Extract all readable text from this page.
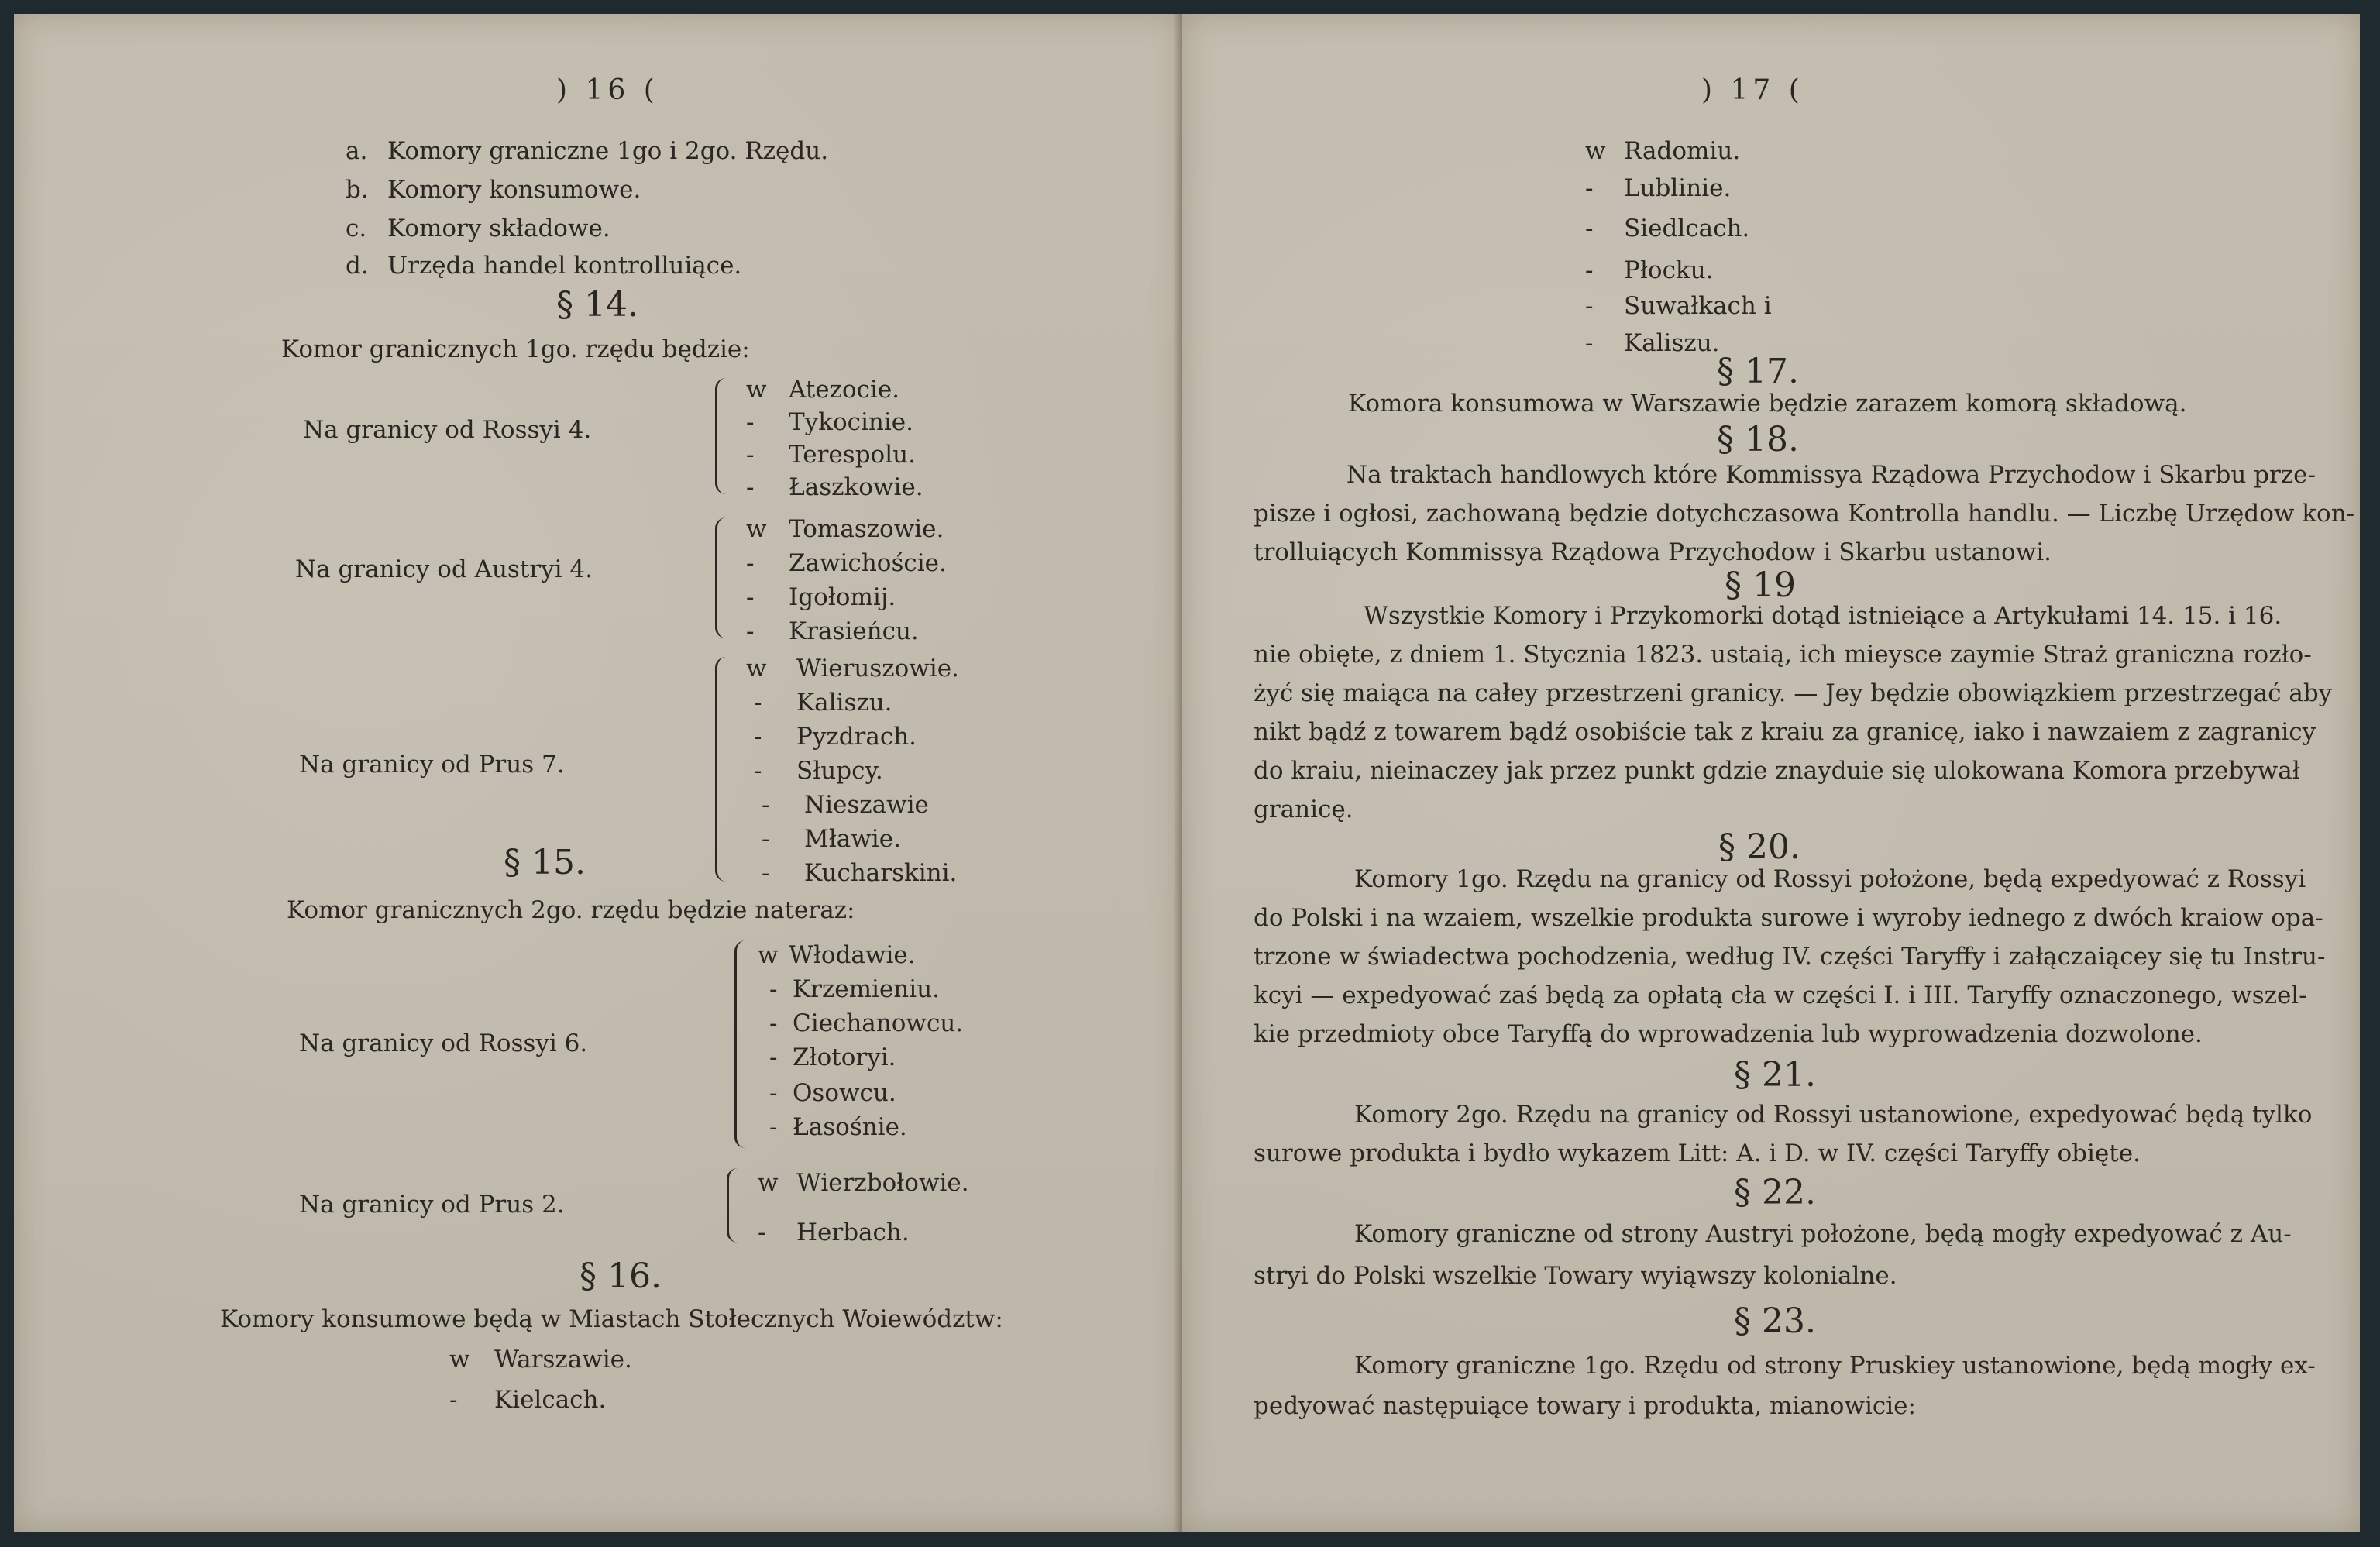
) 16 (
a. Komory graniczne 1go i 2go. Rzędu.
b. Komory konsumowe.
c. Komory składowe.
d. Urzęda handel kontrolluiące.
§ 14.
Komor granicznych 1go. rzędu będzie:
Na granicy od Rossyi 4.
w Atezocie.
- Tykocinie.
- Terespolu.
- Łaszkowie.
Na granicy od Austryi 4.
w Tomaszowie.
- Zawichoście.
- Igołomij.
- Krasieńcu.
Na granicy od Prus 7.
w Wieruszowie.
- Kaliszu.
- Pyzdrach.
- Słupcy.
- Nieszawie
- Mławie.
- Kucharskini.
§ 15.
Komor granicznych 2go. rzędu będzie nateraz:
Na granicy od Rossyi 6.
w Włodawie.
- Krzemieniu.
- Ciechanowcu.
- Złotoryi.
- Osowcu.
- Łasośnie.
Na granicy od Prus 2.
w Wierzbołowie.
- Herbach.
§ 16.
Komory konsumowe będą w Miastach Stołecznych Woiewództw:
w Warszawie.
- Kielcach.
) 17 (
w Radomiu.
- Lublinie.
- Siedlcach.
- Płocku.
- Suwałkach i
- Kaliszu.
§ 17.
Komora konsumowa w Warszawie będzie zarazem komorą składową.
§ 18.
Na traktach handlowych które Kommissya Rządowa Przychodow i Skarbu prze-
pisze i ogłosi, zachowaną będzie dotychczasowa Kontrolla handlu. — Liczbę Urzędow kon-
trolluiących Kommissya Rządowa Przychodow i Skarbu ustanowi.
§ 19
Wszystkie Komory i Przykomorki dotąd istnieiące a Artykułami 14. 15. i 16.
nie obięte, z dniem 1. Stycznia 1823. ustaią, ich mieysce zaymie Straż graniczna rozło-
żyć się maiąca na całey przestrzeni granicy. — Jey będzie obowiązkiem przestrzegać aby
nikt bądź z towarem bądź osobiście tak z kraiu za granicę, iako i nawzaiem z zagranicy
do kraiu, nieinaczey jak przez punkt gdzie znayduie się ulokowana Komora przebywał
granicę.
§ 20.
Komory 1go. Rzędu na granicy od Rossyi położone, będą expedyować z Rossyi
do Polski i na wzaiem, wszelkie produkta surowe i wyroby iednego z dwóch kraiow opa-
trzone w świadectwa pochodzenia, według IV. części Taryffy i załączaiącey się tu Instru-
kcyi — expedyować zaś będą za opłatą cła w części I. i III. Taryffy oznaczonego, wszel-
kie przedmioty obce Taryffą do wprowadzenia lub wyprowadzenia dozwolone.
§ 21.
Komory 2go. Rzędu na granicy od Rossyi ustanowione, expedyować będą tylko
surowe produkta i bydło wykazem Litt: A. i D. w IV. części Taryffy obięte.
§ 22.
Komory graniczne od strony Austryi położone, będą mogły expedyować z Au-
stryi do Polski wszelkie Towary wyiąwszy kolonialne.
§ 23.
Komory graniczne 1go. Rzędu od strony Pruskiey ustanowione, będą mogły ex-
pedyować następuiące towary i produkta, mianowicie:
